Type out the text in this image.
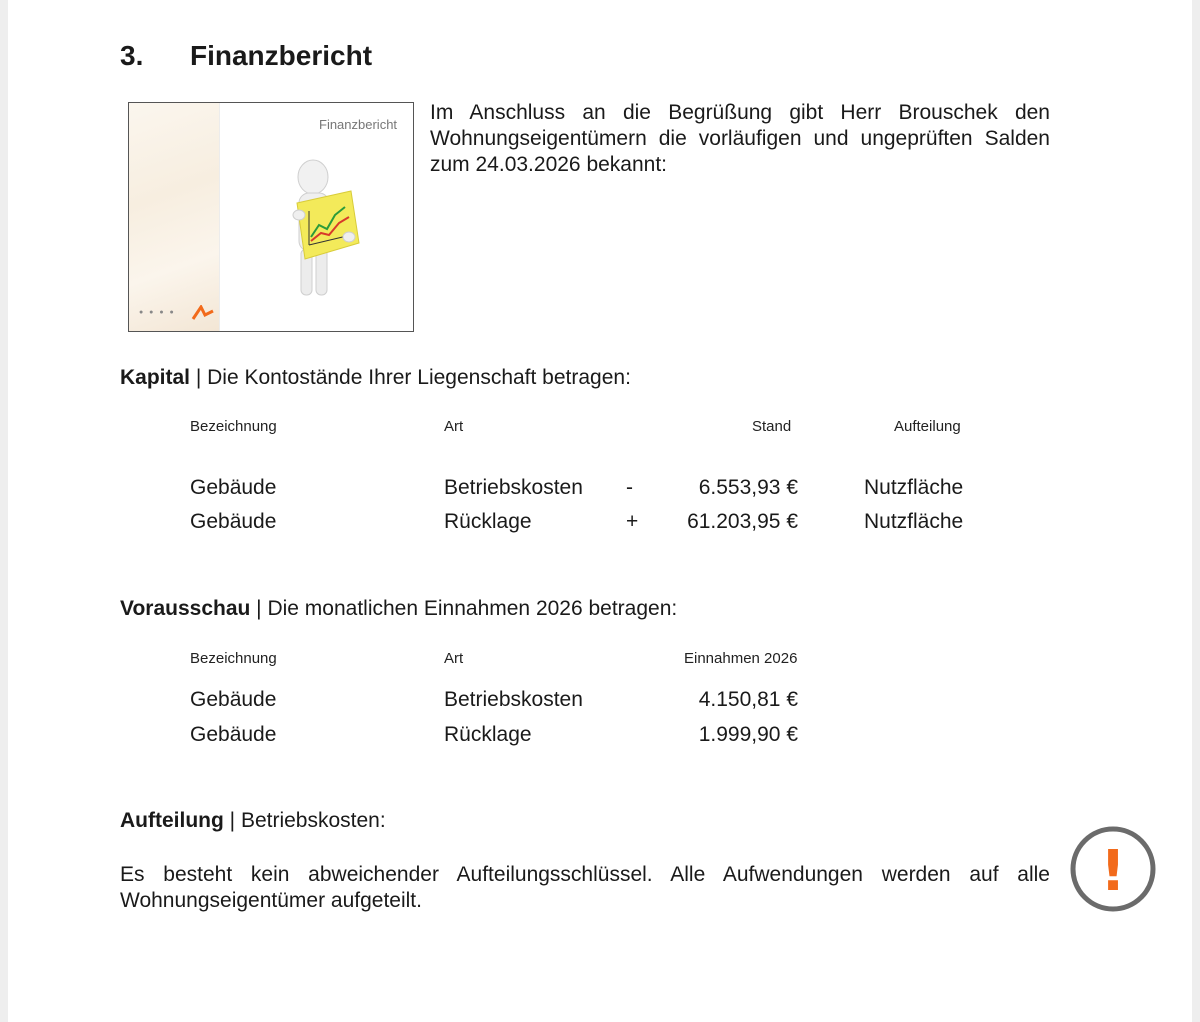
3. Finanzbericht
Finanzbericht
● ● ● ●
Im Anschluss an die Begrüßung gibt Herr Brouschek den Wohnungseigentümern die vorläufigen und ungeprüften Salden zum 24.03.2026 bekannt:
Kapital | Die Kontostände Ihrer Liegenschaft betragen:
Bezeichnung	Art	Stand	Aufteilung
Gebäude	Betriebskosten -	6.553,93 €	Nutzfläche
Gebäude	Rücklage	+	61.203,95 €	Nutzfläche
Vorausschau | Die monatlichen Einnahmen 2026 betragen:
Bezeichnung	Art	Einnahmen 2026
Gebäude	Betriebskosten	4.150,81 €
Gebäude	Rücklage	1.999,90 €
Aufteilung | Betriebskosten:
Es besteht kein abweichender Aufteilungsschlüssel. Alle Aufwendungen werden auf alle Wohnungseigentümer aufgeteilt.	!
